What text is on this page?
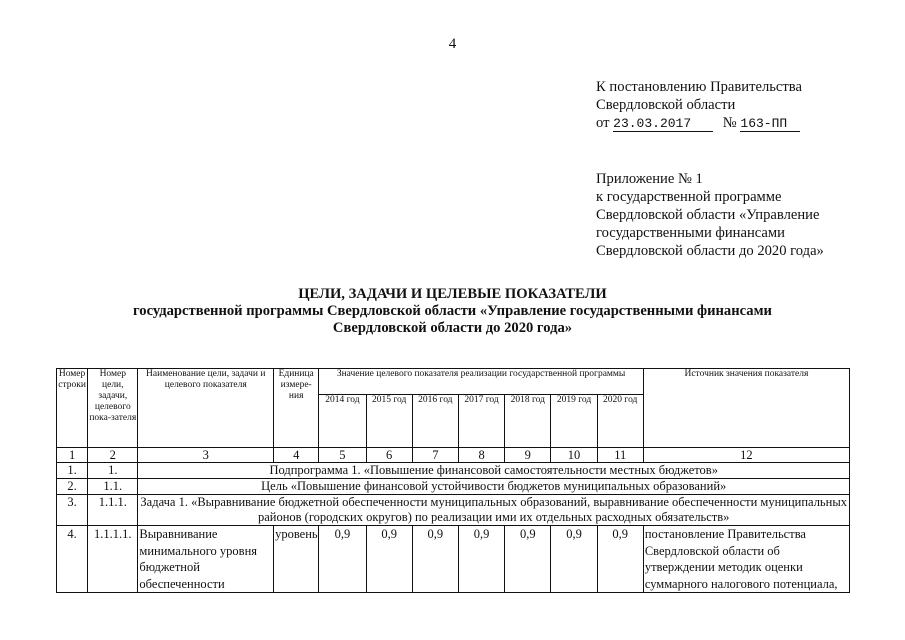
4
К постановлению Правительства
Свердловской области
от 23.03.2017 № 163-ПП
Приложение № 1
к государственной программе
Свердловской области «Управление
государственными финансами
Свердловской области до 2020 года»
ЦЕЛИ, ЗАДАЧИ И ЦЕЛЕВЫЕ ПОКАЗАТЕЛИ
государственной программы Свердловской области «Управление государственными финансами
Свердловской области до 2020 года»
Номер строки	Номер цели, задачи, целевого пока-зателя	Наименование цели, задачи и целевого показателя	Единица измере-ния	Значение целевого показателя реализации государственной программы							Источник значения показателя
				2014 год	2015 год	2016 год	2017 год	2018 год	2019 год	2020 год	
1	2	3	4	5	6	7	8	9	10	11	12
1.	1.	Подпрограмма 1. «Повышение финансовой самостоятельности местных бюджетов»									
2.	1.1.	Цель «Повышение финансовой устойчивости бюджетов муниципальных образований»									
3.	1.1.1.	Задача 1. «Выравнивание бюджетной обеспеченности муниципальных образований, выравнивание обеспеченности муниципальных районов (городских округов) по реализации ими их отдельных расходных обязательств»									
4.	1.1.1.1.	Выравнивание минимального уровня бюджетной обеспеченности	уровень	0,9	0,9	0,9	0,9	0,9	0,9	0,9	постановление Правительства Свердловской области об утверждении методик оценки суммарного налогового потенциала,
